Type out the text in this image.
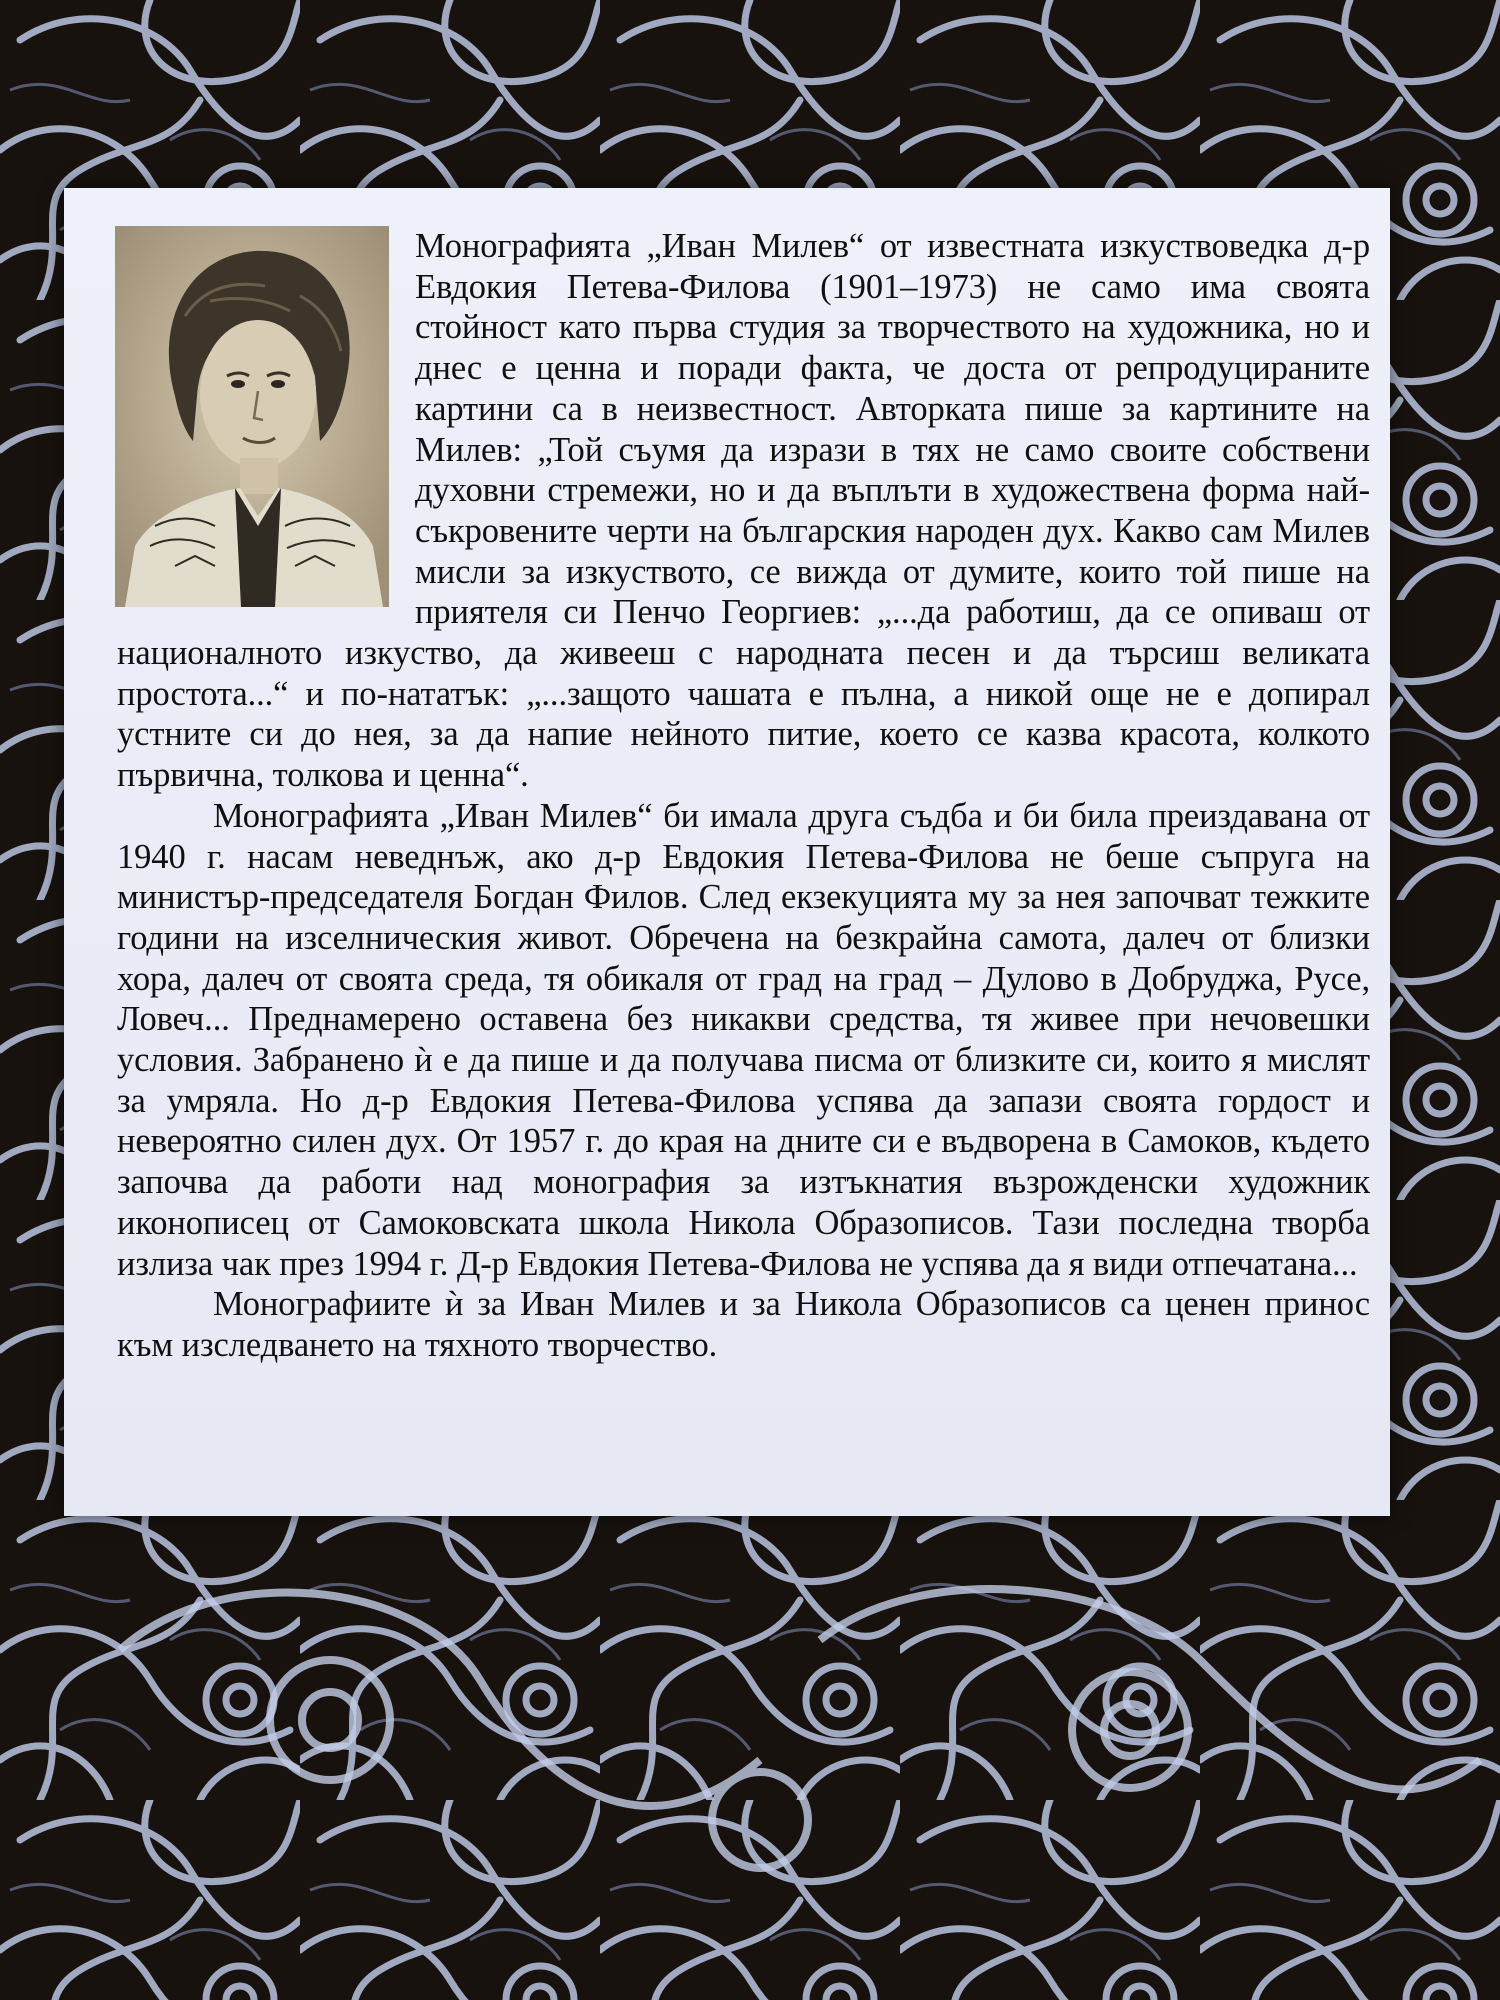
Монографията „Иван Милев“ от известната изкуствоведка д-р Евдокия Петева-Филова (1901–1973) не само има своята стойност като първа студия за творчеството на художника, но и днес е ценна и поради факта, че доста от репродуцираните картини са в неизвестност. Авторката пише за картините на Милев: „Той съумя да изрази в тях не само своите собствени духовни стремежи, но и да въплъти в художествена форма най-съкровените черти на българския народен дух. Какво сам Милев мисли за изкуството, се вижда от думите, които той пише на приятеля си Пенчо Георгиев: „...да работиш, да се опиваш от националното изкуство, да живееш с народната песен и да търсиш великата простота...“ и по-нататък: „...защото чашата е пълна, а никой още не е допирал устните си до нея, за да напие нейното питие, което се казва красота, колкото първична, толкова и ценна“.

Монографията „Иван Милев“ би имала друга съдба и би била преиздавана от 1940 г. насам неведнъж, ако д-р Евдокия Петева-Филова не беше съпруга на министър-председателя Богдан Филов. След екзекуцията му за нея започват тежките години на изселническия живот. Обречена на безкрайна самота, далеч от близки хора, далеч от своята среда, тя обикаля от град на град – Дулово в Добруджа, Русе, Ловеч... Преднамерено оставена без никакви средства, тя живее при нечовешки условия. Забранено ѝ е да пише и да получава писма от близките си, които я мислят за умряла. Но д-р Евдокия Петева-Филова успява да запази своята гордост и невероятно силен дух. От 1957 г. до края на дните си е въдворена в Самоков, където започва да работи над монография за изтъкнатия възрожденски художник иконописец от Самоковската школа Никола Образописов. Тази последна творба излиза чак през 1994 г. Д-р Евдокия Петева-Филова не успява да я види отпечатана...

Монографиите ѝ за Иван Милев и за Никола Образописов са ценен принос към изследването на тяхното творчество.
